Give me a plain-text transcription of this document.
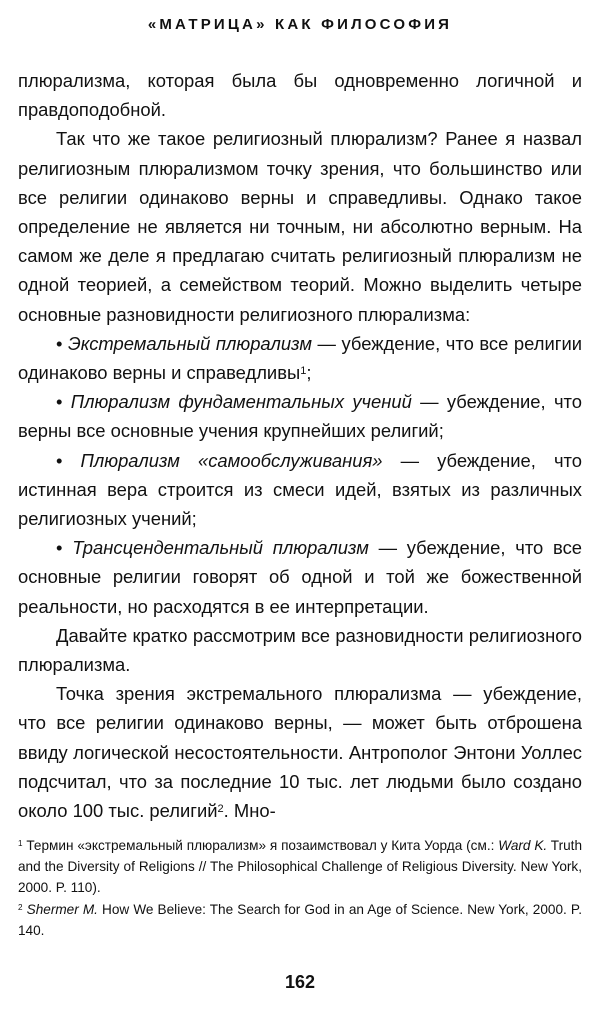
«МАТРИЦА» КАК ФИЛОСОФИЯ

плюрализма, которая была бы одновременно логичной и правдоподобной.

Так что же такое религиозный плюрализм? Ранее я назвал религиозным плюрализмом точку зрения, что большинство или все религии одинаково верны и справедливы. Однако такое определение не является ни точным, ни абсолютно верным. На самом же деле я предлагаю считать религиозный плюрализм не одной теорией, а семейством теорий. Можно выделить четыре основные разновидности религиозного плюрализма:

• Экстремальный плюрализм — убеждение, что все религии одинаково верны и справедливы$^1$;

• Плюрализм фундаментальных учений — убеждение, что верны все основные учения крупнейших религий;

• Плюрализм «самообслуживания» — убеждение, что истинная вера строится из смеси идей, взятых из различных религиозных учений;

• Трансцендентальный плюрализм — убеждение, что все основные религии говорят об одной и той же божественной реальности, но расходятся в ее интерпретации.

Давайте кратко рассмотрим все разновидности религиозного плюрализма.

Точка зрения экстремального плюрализма — убеждение, что все религии одинаково верны, — может быть отброшена ввиду логической несостоятельности. Антрополог Энтони Уоллес подсчитал, что за последние 10 тыс. лет людьми было создано около 100 тыс. религий$^2$. Мно-

$^1$ Термин «экстремальный плюрализм» я позаимствовал у Кита Уорда (см.: Ward K. Truth and the Diversity of Religions // The Philosophical Challenge of Religious Diversity. New York, 2000. P. 110).

$^2$ Shermer M. How We Believe: The Search for God in an Age of Science. New York, 2000. P. 140.

162
